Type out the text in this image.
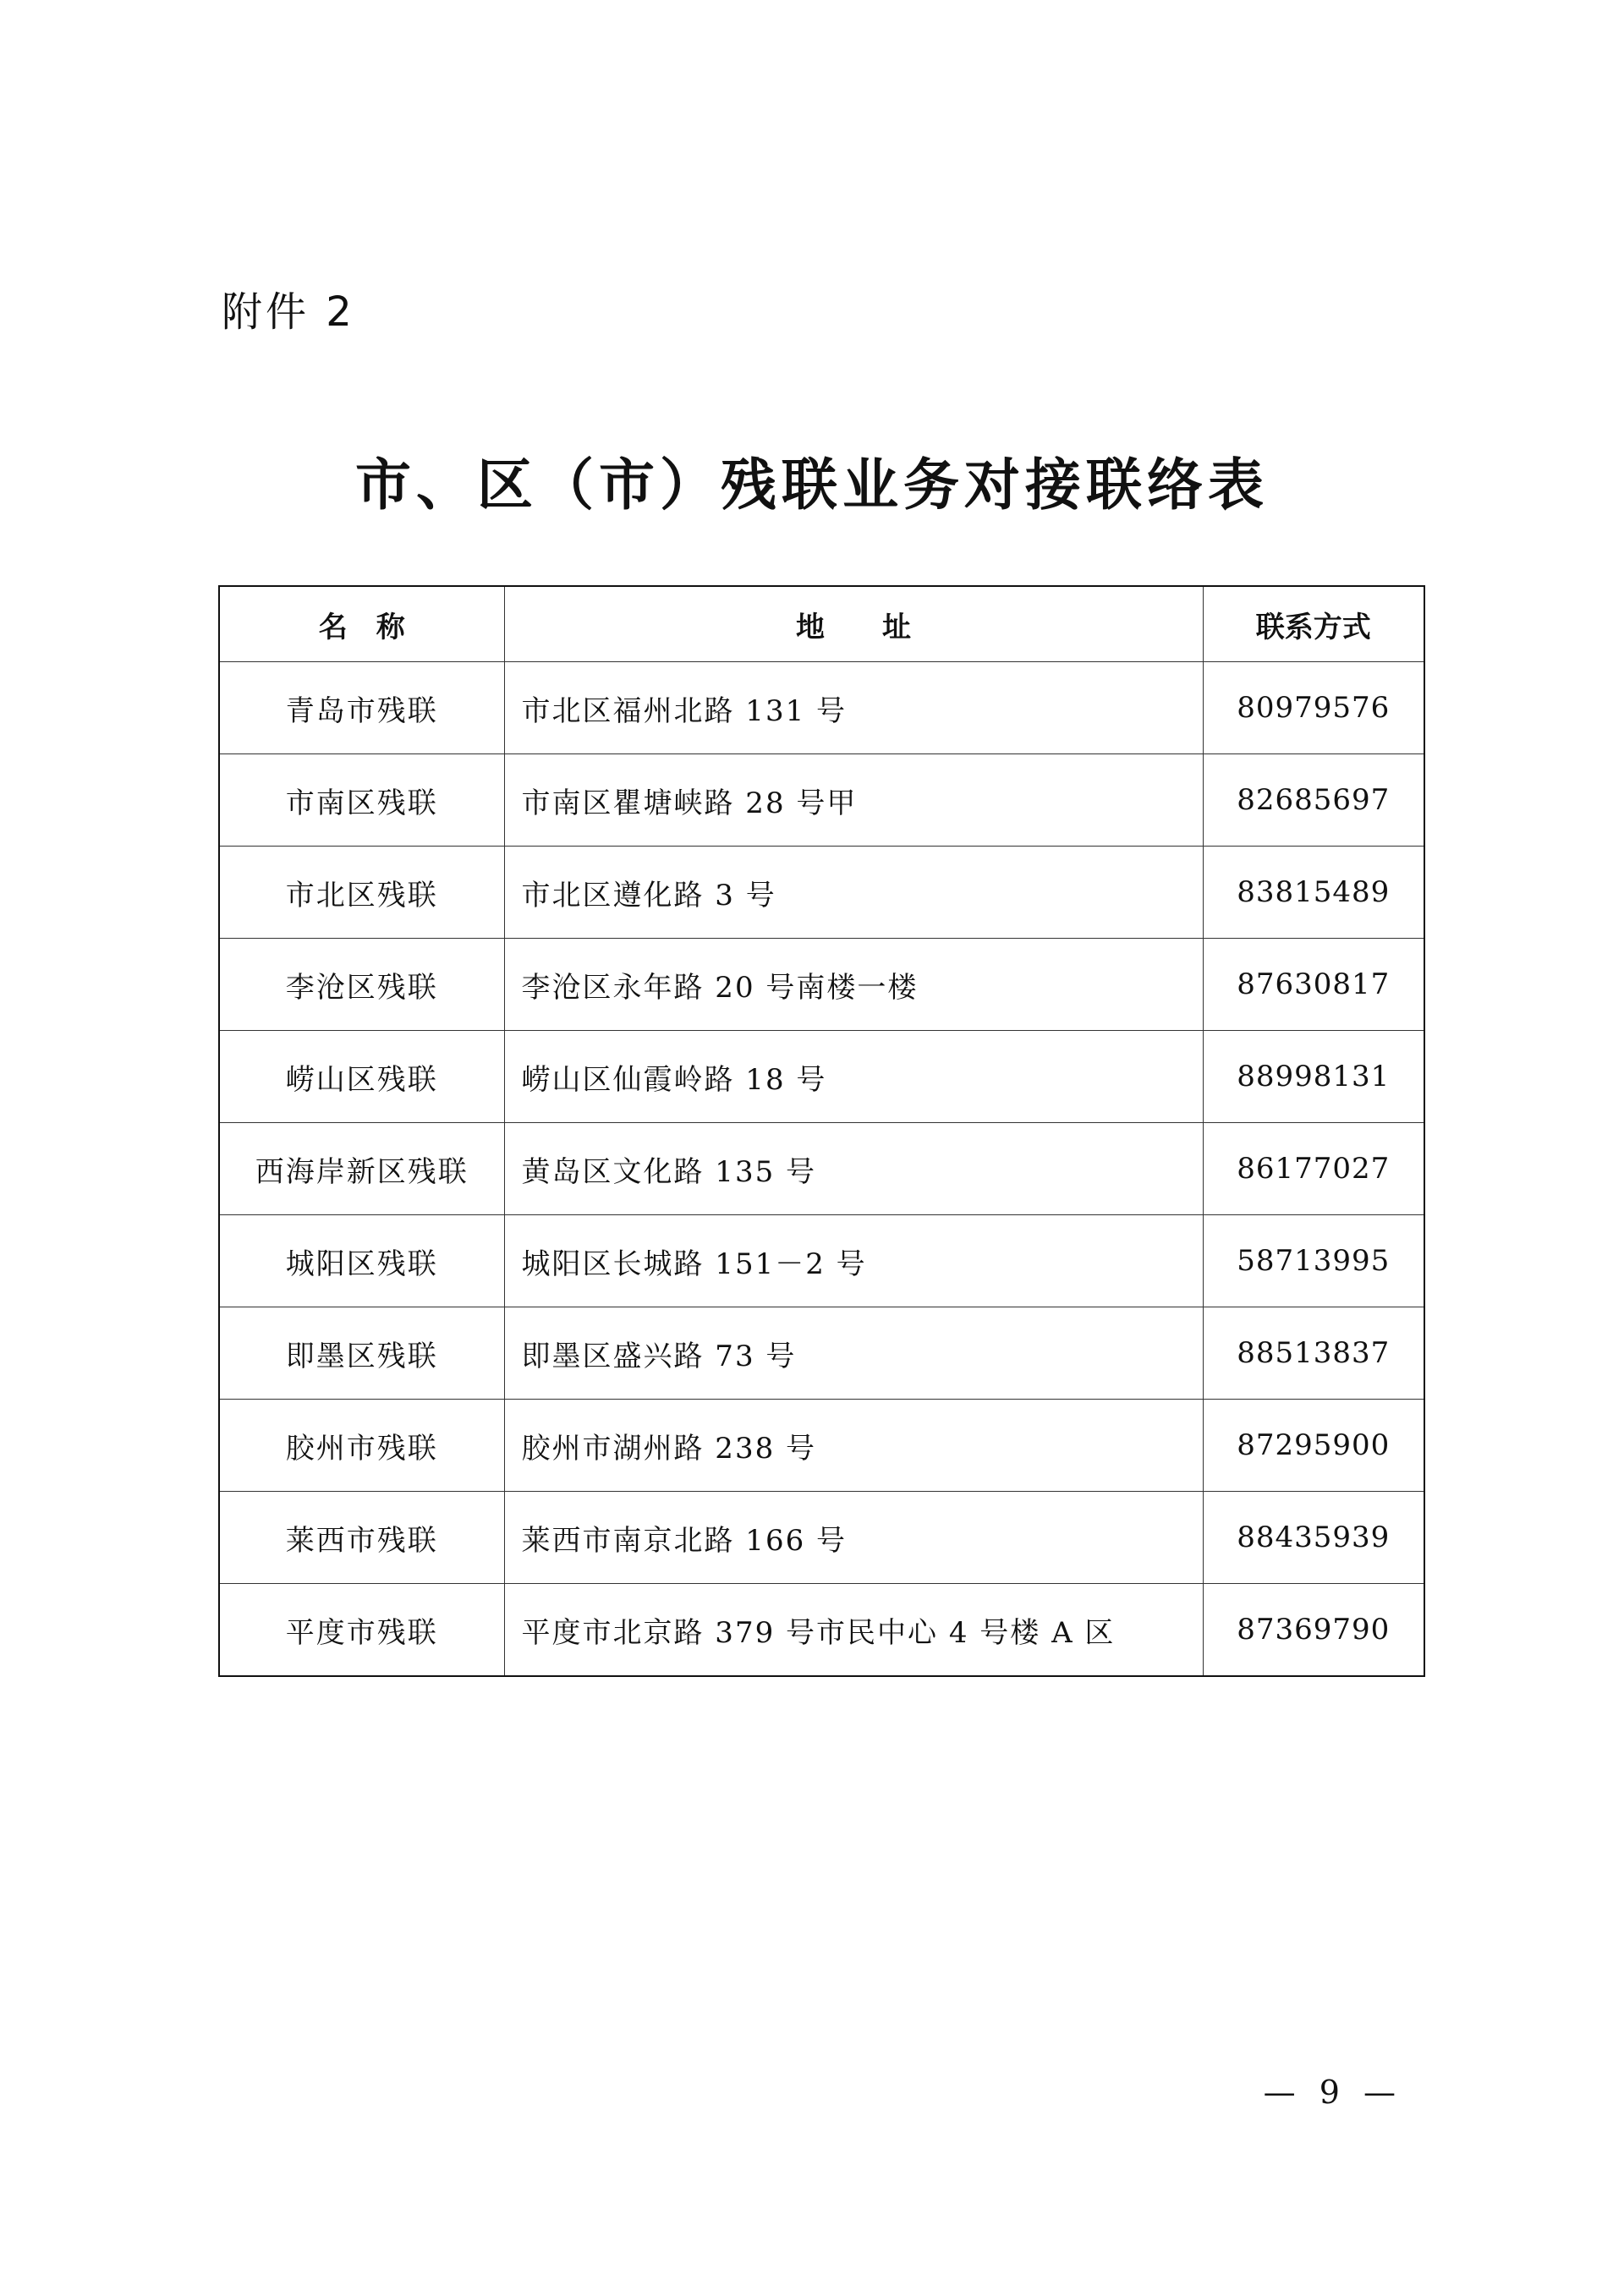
附件 2
市、区（市）残联业务对接联络表
名　称	地　　址	联系方式
青岛市残联	市北区福州北路 131 号	80979576
市南区残联	市南区瞿塘峡路 28 号甲	82685697
市北区残联	市北区遵化路 3 号	83815489
李沧区残联	李沧区永年路 20 号南楼一楼	87630817
崂山区残联	崂山区仙霞岭路 18 号	88998131
西海岸新区残联	黄岛区文化路 135 号	86177027
城阳区残联	城阳区长城路 151－2 号	58713995
即墨区残联	即墨区盛兴路 73 号	88513837
胶州市残联	胶州市湖州路 238 号	87295900
莱西市残联	莱西市南京北路 166 号	88435939
平度市残联	平度市北京路 379 号市民中心 4 号楼 A 区	87369790
— 9 —
